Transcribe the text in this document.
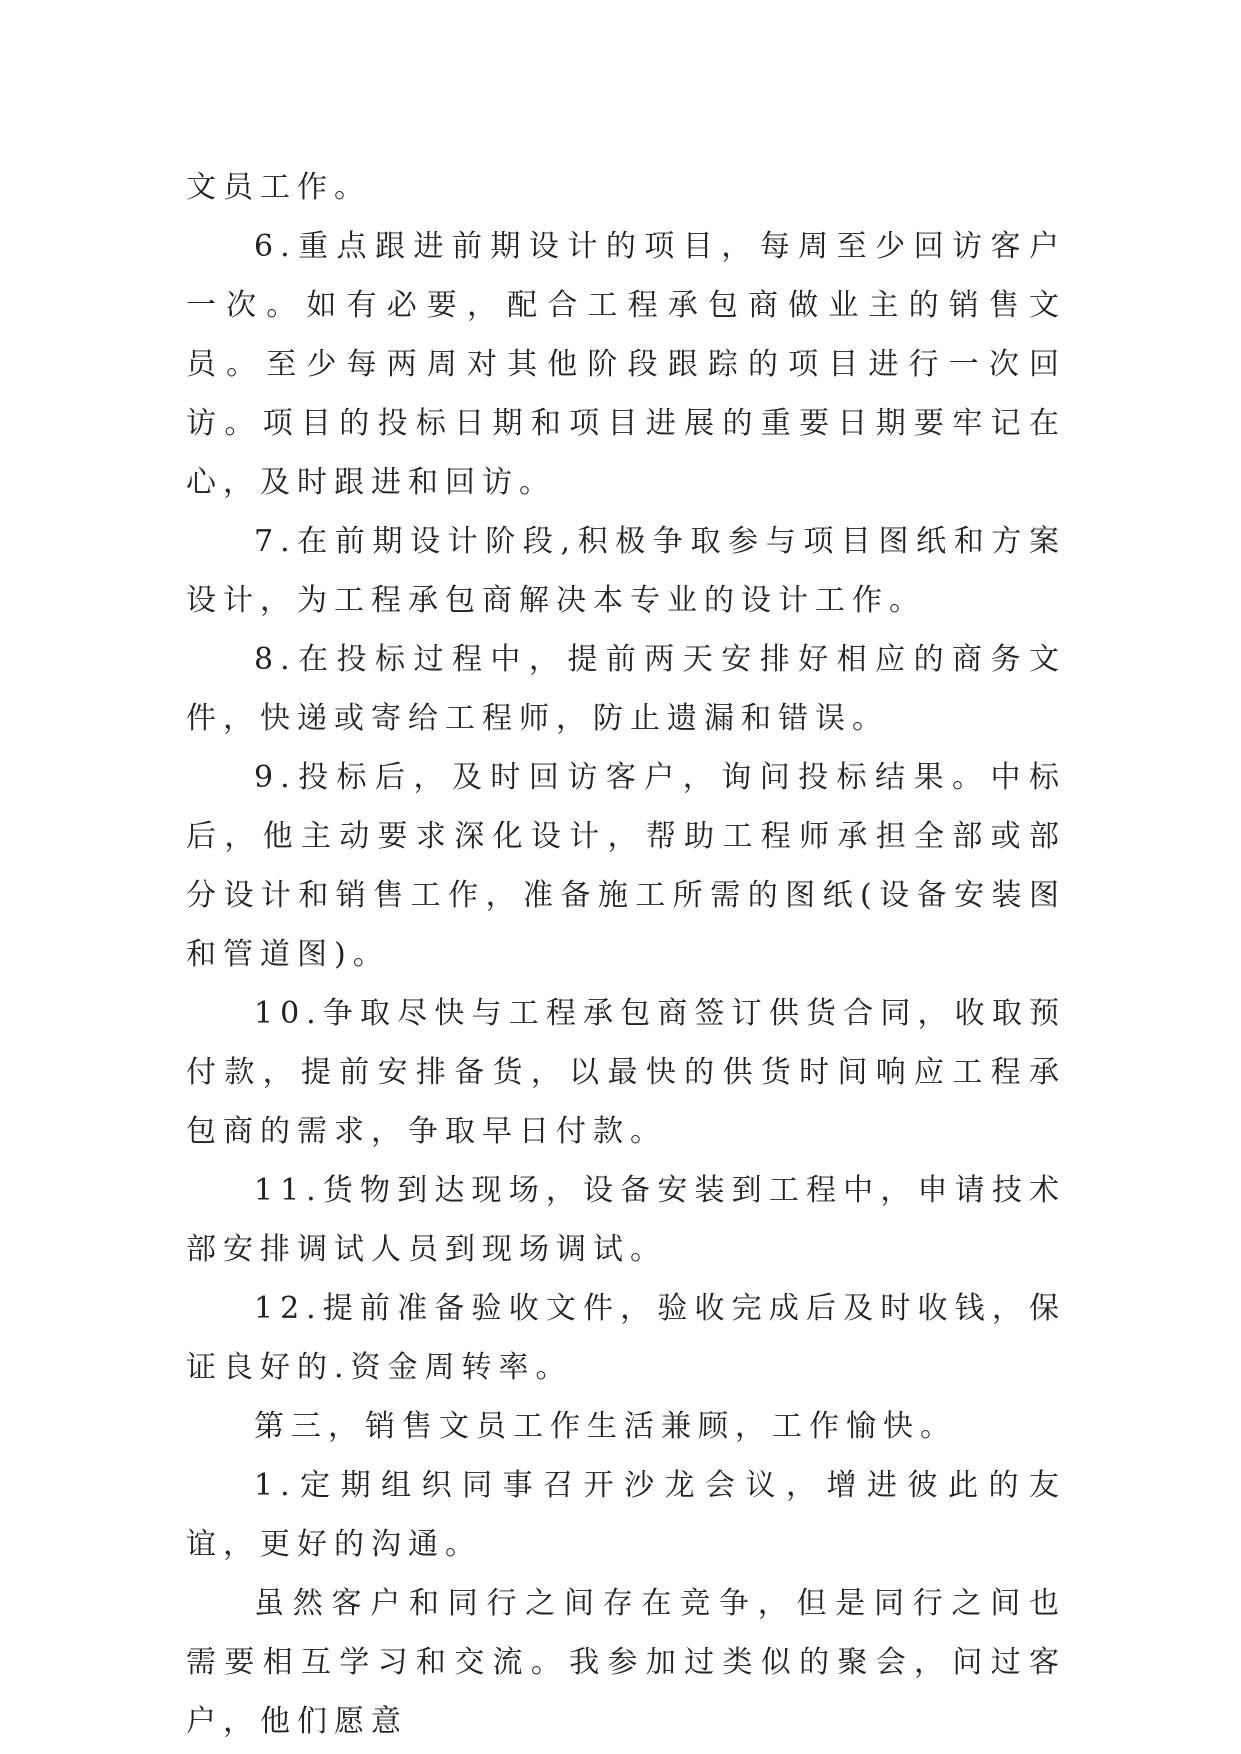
文员工作。

6.重点跟进前期设计的项目，每周至少回访客户一次。如有必要，配合工程承包商做业主的销售文员。至少每两周对其他阶段跟踪的项目进行一次回访。项目的投标日期和项目进展的重要日期要牢记在心，及时跟进和回访。

7.在前期设计阶段,积极争取参与项目图纸和方案设计，为工程承包商解决本专业的设计工作。

8.在投标过程中，提前两天安排好相应的商务文件，快递或寄给工程师，防止遗漏和错误。

9.投标后，及时回访客户，询问投标结果。中标后，他主动要求深化设计，帮助工程师承担全部或部分设计和销售工作，准备施工所需的图纸(设备安装图和管道图)。

10.争取尽快与工程承包商签订供货合同，收取预付款，提前安排备货，以最快的供货时间响应工程承包商的需求，争取早日付款。

11.货物到达现场，设备安装到工程中，申请技术部安排调试人员到现场调试。

12.提前准备验收文件，验收完成后及时收钱，保证良好的.资金周转率。

第三，销售文员工作生活兼顾，工作愉快。

1.定期组织同事召开沙龙会议，增进彼此的友谊，更好的沟通。

虽然客户和同行之间存在竞争，但是同行之间也需要相互学习和交流。我参加过类似的聚会，问过客户，他们愿意
